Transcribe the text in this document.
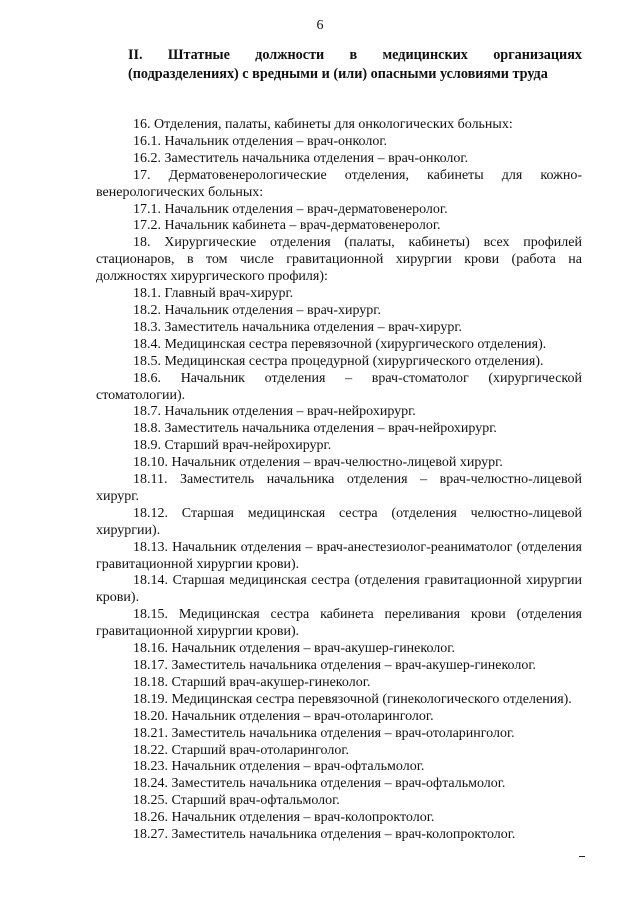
6
II. Штатные должности в медицинских организациях (подразделениях) с вредными и (или) опасными условиями труда

16. Отделения, палаты, кабинеты для онкологических больных:

16.1. Начальник отделения – врач-онколог.

16.2. Заместитель начальника отделения – врач-онколог.

17. Дерматовенерологические отделения, кабинеты для кожно-венерологических больных:

17.1. Начальник отделения – врач-дерматовенеролог.

17.2. Начальник кабинета – врач-дерматовенеролог.

18. Хирургические отделения (палаты, кабинеты) всех профилей стационаров, в том числе гравитационной хирургии крови (работа на должностях хирургического профиля):

18.1. Главный врач-хирург.

18.2. Начальник отделения – врач-хирург.

18.3. Заместитель начальника отделения – врач-хирург.

18.4. Медицинская сестра перевязочной (хирургического отделения).

18.5. Медицинская сестра процедурной (хирургического отделения).

18.6. Начальник отделения – врач-стоматолог (хирургической стоматологии).

18.7. Начальник отделения – врач-нейрохирург.

18.8. Заместитель начальника отделения – врач-нейрохирург.

18.9. Старший врач-нейрохирург.

18.10. Начальник отделения – врач-челюстно-лицевой хирург.

18.11. Заместитель начальника отделения – врач-челюстно-лицевой хирург.

18.12. Старшая медицинская сестра (отделения челюстно-лицевой хирургии).

18.13. Начальник отделения – врач-анестезиолог-реаниматолог (отделения гравитационной хирургии крови).

18.14. Старшая медицинская сестра (отделения гравитационной хирургии крови).

18.15. Медицинская сестра кабинета переливания крови (отделения гравитационной хирургии крови).

18.16. Начальник отделения – врач-акушер-гинеколог.

18.17. Заместитель начальника отделения – врач-акушер-гинеколог.

18.18. Старший врач-акушер-гинеколог.

18.19. Медицинская сестра перевязочной (гинекологического отделения).

18.20. Начальник отделения – врач-отоларинголог.

18.21. Заместитель начальника отделения – врач-отоларинголог.

18.22. Старший врач-отоларинголог.

18.23. Начальник отделения – врач-офтальмолог.

18.24. Заместитель начальника отделения – врач-офтальмолог.

18.25. Старший врач-офтальмолог.

18.26. Начальник отделения – врач-колопроктолог.

18.27. Заместитель начальника отделения – врач-колопроктолог.
